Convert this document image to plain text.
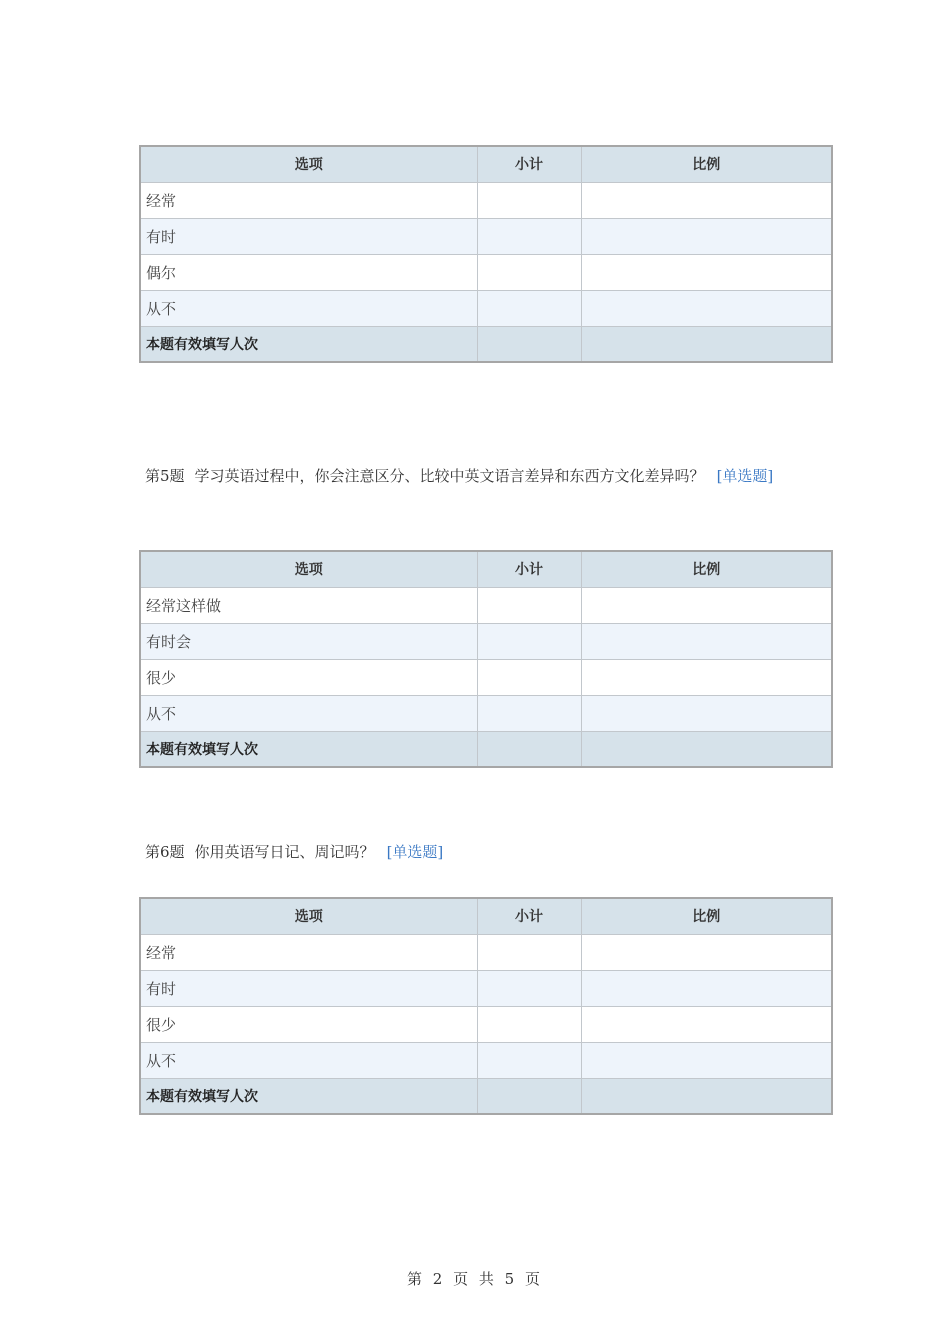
选项	小计	比例
经常		
有时		
偶尔		
从不		
本题有效填写人次		
第5题 学习英语过程中，你会注意区分、比较中英文语言差异和东西方文化差异吗？ [单选题]
选项	小计	比例
经常这样做		
有时会		
很少		
从不		
本题有效填写人次		
第6题 你用英语写日记、周记吗？ [单选题]
选项	小计	比例
经常		
有时		
很少		
从不		
本题有效填写人次		
第 2 页 共 5 页
